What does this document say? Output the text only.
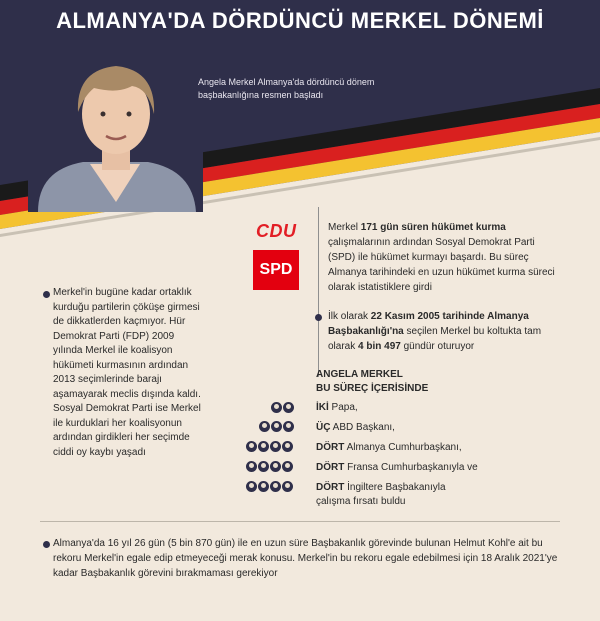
ALMANYA'DA DÖRDÜNCÜ MERKEL DÖNEMİ
Angela Merkel Almanya'da dördüncü dönem başbakanlığına resmen başladı
CDU
SPD
Merkel 171 gün süren hükümet kurma çalışmalarının ardından Sosyal Demokrat Parti (SPD) ile hükümet kurmayı başardı. Bu süreç Almanya tarihindeki en uzun hükümet kurma süreci olarak istatistiklere girdi
İlk olarak 22 Kasım 2005 tarihinde Almanya Başbakanlığı'na seçilen Merkel bu koltukta tam olarak 4 bin 497 gündür oturuyor
Merkel'in bugüne kadar ortaklık kurduğu partilerin çöküşe girmesi de dikkatlerden kaçmıyor. Hür Demokrat Parti (FDP) 2009 yılında Merkel ile koalisyon hükümeti kurmasının ardından 2013 seçimlerinde barajı aşamayarak meclis dışında kaldı. Sosyal Demokrat Parti ise Merkel ile kurduklari her koalisyonun ardından girdikleri her seçimde ciddi oy kaybı yaşadı
ANGELA MERKEL
BU SÜREÇ İÇERİSİNDE
İKİ Papa,
ÜÇ ABD Başkanı,
DÖRT Almanya Cumhurbaşkanı,
DÖRT Fransa Cumhurbaşkanıyla ve
DÖRT İngiltere Başbakanıyla
çalışma fırsatı buldu
Almanya'da 16 yıl 26 gün (5 bin 870 gün) ile en uzun süre Başbakanlık görevinde bulunan Helmut Kohl'e ait bu rekoru Merkel'in egale edip etmeyeceği merak konusu. Merkel'in bu rekoru egale edebilmesi için 18 Aralık 2021'ye kadar Başbakanlık görevini bırakmaması gerekiyor
